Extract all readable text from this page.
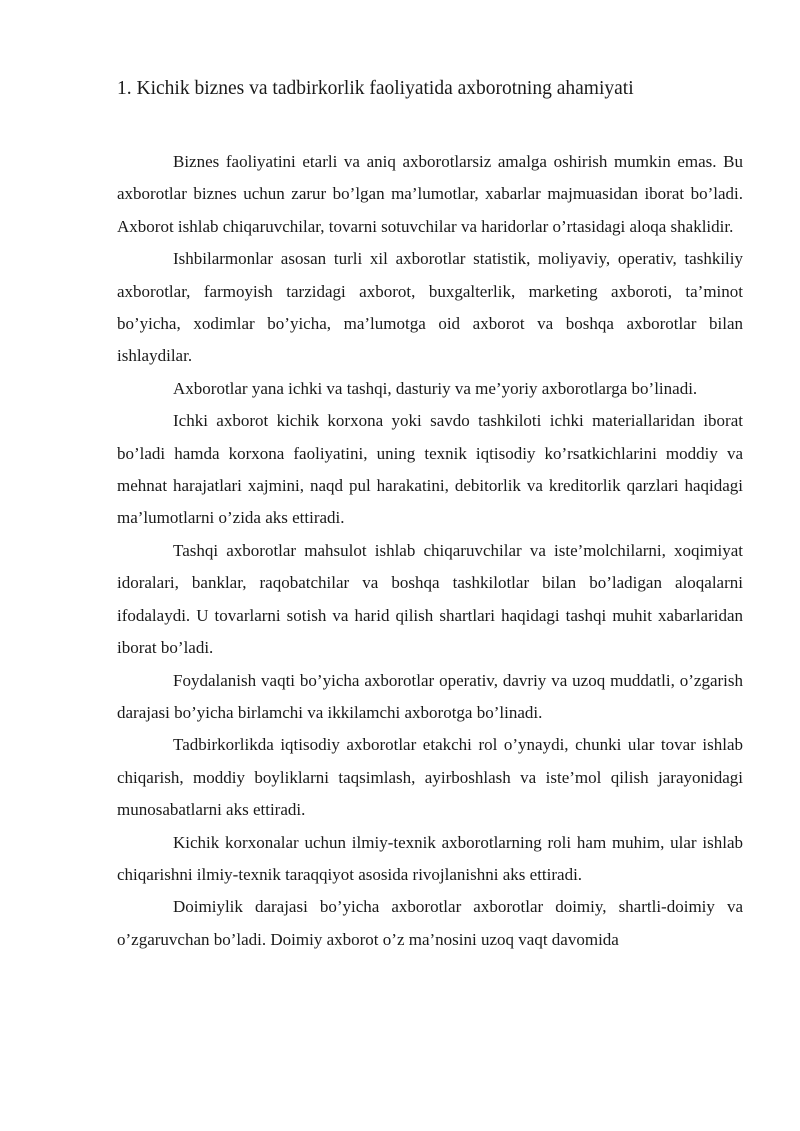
1. Kichik biznes va tadbirkorlik faoliyatida axborotning ahamiyati

Biznes faoliyatini etarli va aniq axborotlarsiz amalga oshirish mumkin emas. Bu axborotlar biznes uchun zarur bo’lgan ma’lumotlar, xabarlar majmuasidan iborat bo’ladi. Axborot ishlab chiqaruvchilar, tovarni sotuvchilar va haridorlar o’rtasidagi aloqa shaklidir.

Ishbilarmonlar asosan turli xil axborotlar statistik, moliyaviy, operativ, tashkiliy axborotlar, farmoyish tarzidagi axborot, buxgalterlik, marketing axboroti, ta’minot bo’yicha, xodimlar bo’yicha, ma’lumotga oid axborot va boshqa axborotlar bilan ishlaydilar.

Axborotlar yana ichki va tashqi, dasturiy va me’yoriy axborotlarga bo’linadi.

Ichki axborot kichik korxona yoki savdo tashkiloti ichki materiallaridan iborat bo’ladi hamda korxona faoliyatini, uning texnik iqtisodiy ko’rsatkichlarini moddiy va mehnat harajatlari xajmini, naqd pul harakatini, debitorlik va kreditorlik qarzlari haqidagi ma’lumotlarni o’zida aks ettiradi.

Tashqi axborotlar mahsulot ishlab chiqaruvchilar va iste’molchilarni, xoqimiyat idoralari, banklar, raqobatchilar va boshqa tashkilotlar bilan bo’ladigan aloqalarni ifodalaydi. U tovarlarni sotish va harid qilish shartlari haqidagi tashqi muhit xabarlaridan iborat bo’ladi.

Foydalanish vaqti bo’yicha axborotlar operativ, davriy va uzoq muddatli, o’zgarish darajasi bo’yicha birlamchi va ikkilamchi axborotga bo’linadi.

Tadbirkorlikda iqtisodiy axborotlar etakchi rol o’ynaydi, chunki ular tovar ishlab chiqarish, moddiy boyliklarni taqsimlash, ayirboshlash va iste’mol qilish jarayonidagi munosabatlarni aks ettiradi.

Kichik korxonalar uchun ilmiy-texnik axborotlarning roli ham muhim, ular ishlab chiqarishni ilmiy-texnik taraqqiyot asosida rivojlanishni aks ettiradi.

Doimiylik darajasi bo’yicha axborotlar axborotlar doimiy, shartli-doimiy va o’zgaruvchan bo’ladi. Doimiy axborot o’z ma’nosini uzoq vaqt davomida
